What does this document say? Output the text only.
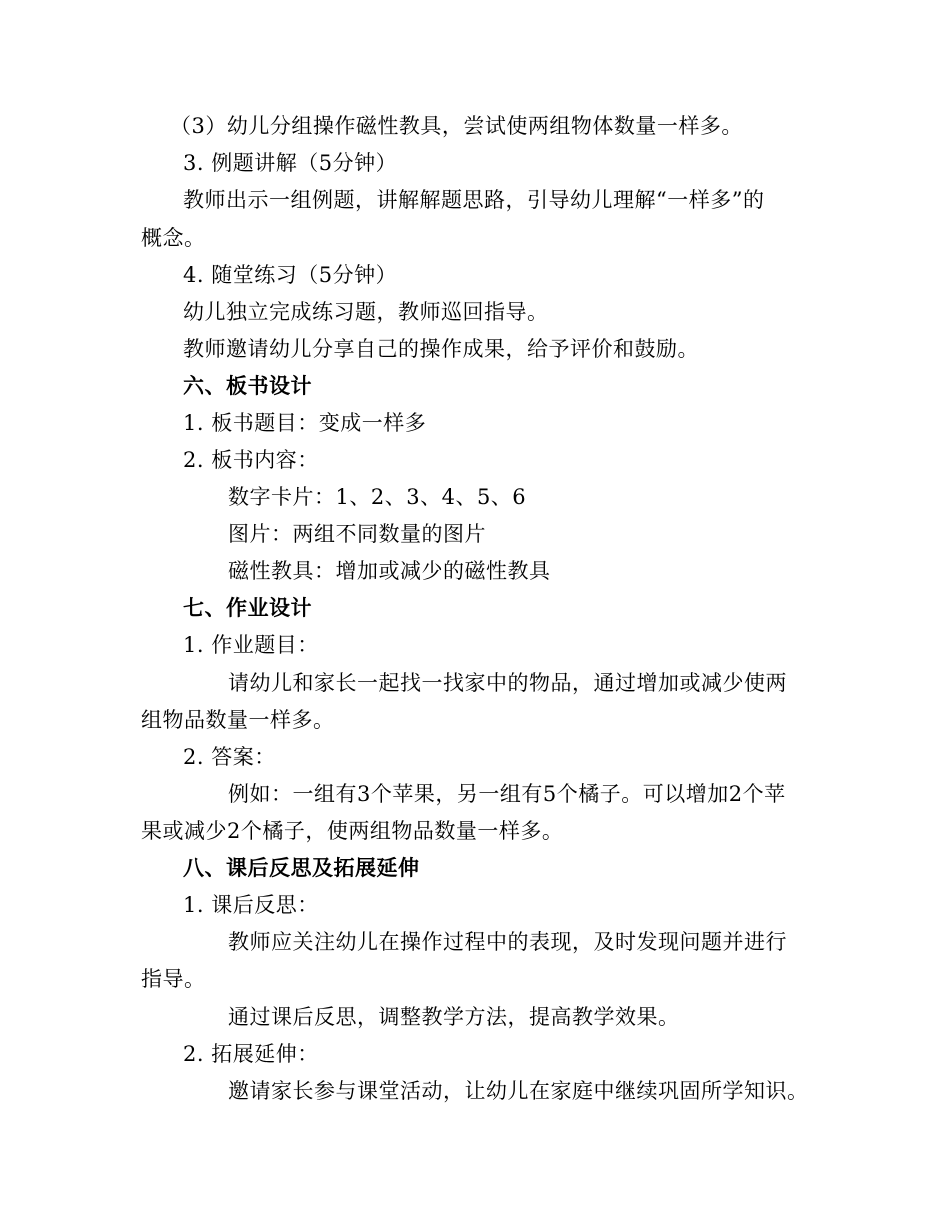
（3）幼儿分组操作磁性教具，尝试使两组物体数量一样多。
3. 例题讲解（5分钟）
教师出示一组例题，讲解解题思路，引导幼儿理解“一样多”的
概念。
4. 随堂练习（5分钟）
幼儿独立完成练习题，教师巡回指导。
教师邀请幼儿分享自己的操作成果，给予评价和鼓励。
六、板书设计
1. 板书题目：变成一样多
2. 板书内容：
数字卡片：1、2、3、4、5、6
图片：两组不同数量的图片
磁性教具：增加或减少的磁性教具
七、作业设计
1. 作业题目：
请幼儿和家长一起找一找家中的物品，通过增加或减少使两
组物品数量一样多。
2. 答案：
例如：一组有3个苹果，另一组有5个橘子。可以增加2个苹
果或减少2个橘子，使两组物品数量一样多。
八、课后反思及拓展延伸
1. 课后反思：
教师应关注幼儿在操作过程中的表现，及时发现问题并进行
指导。
通过课后反思，调整教学方法，提高教学效果。
2. 拓展延伸：
邀请家长参与课堂活动，让幼儿在家庭中继续巩固所学知识。
